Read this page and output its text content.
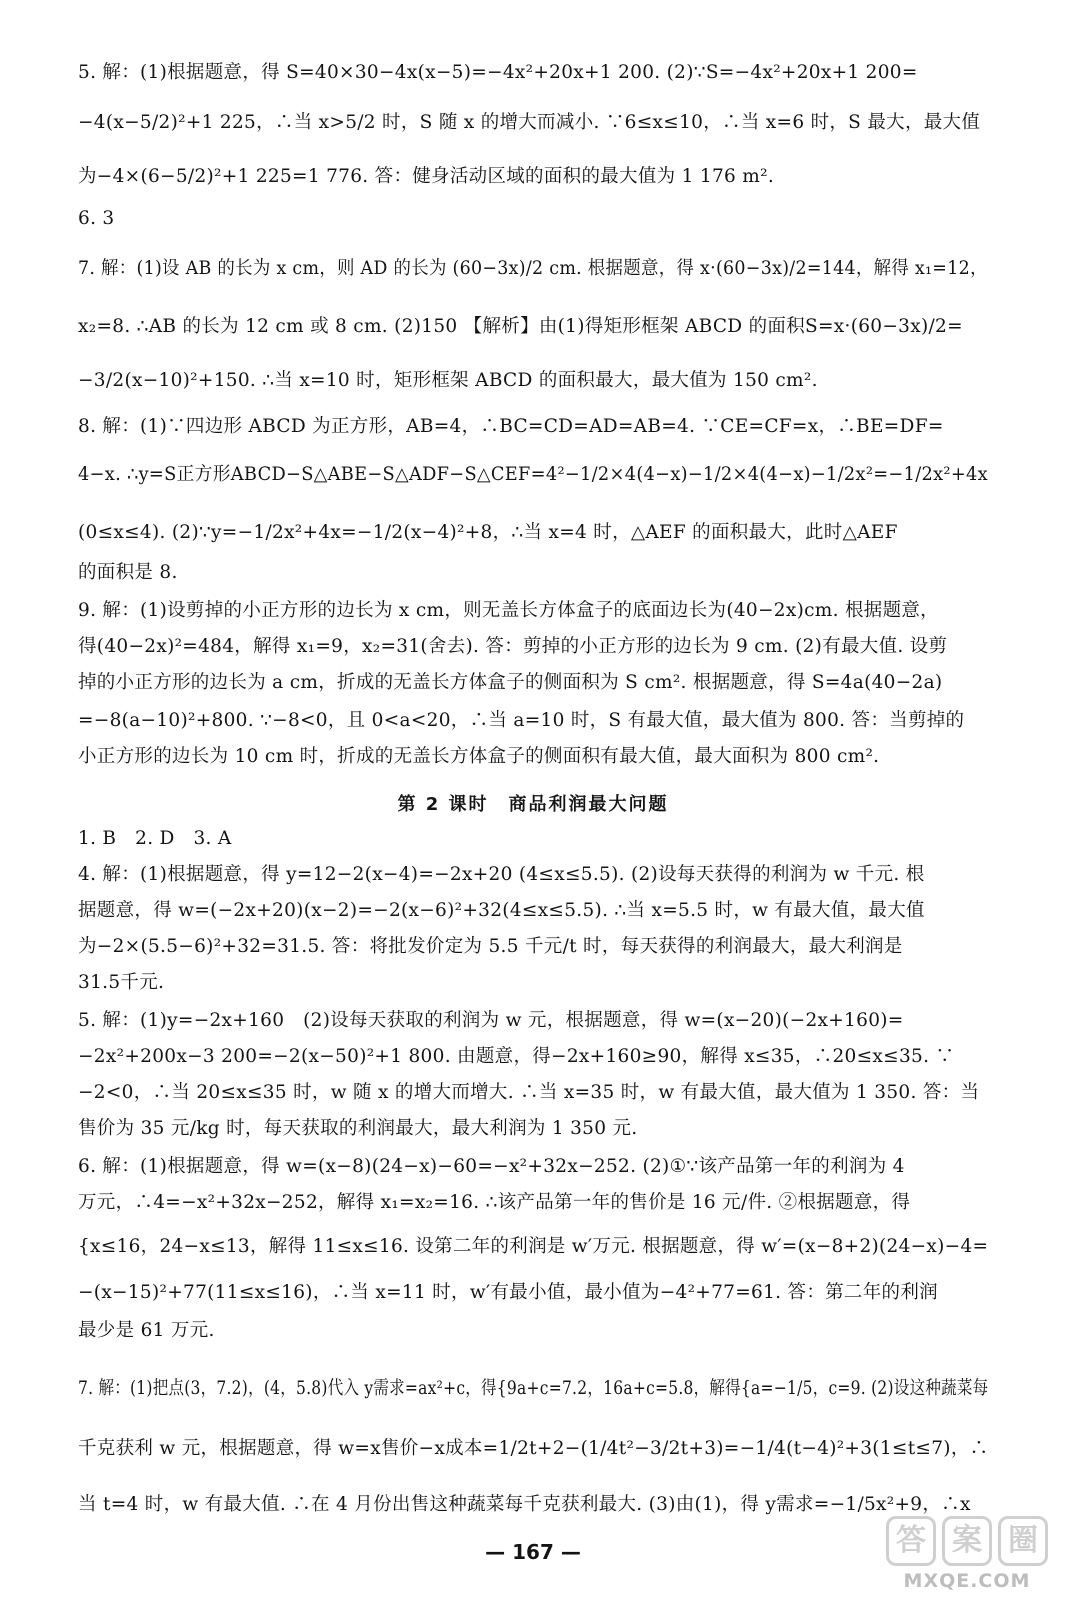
5. 解：(1)根据题意，得 S=40×30−4x(x−5)=−4x²+20x+1 200. (2)∵S=−4x²+20x+1 200=
−4(x−5/2)²+1 225，∴当 x>5/2 时，S 随 x 的增大而减小. ∵6≤x≤10，∴当 x=6 时，S 最大，最大值
为−4×(6−5/2)²+1 225=1 776. 答：健身活动区域的面积的最大值为 1 176 m².
6. 3
7. 解：(1)设 AB 的长为 x cm，则 AD 的长为 (60−3x)/2 cm. 根据题意，得 x·(60−3x)/2=144，解得 x₁=12，
x₂=8. ∴AB 的长为 12 cm 或 8 cm. (2)150 【解析】由(1)得矩形框架 ABCD 的面积S=x·(60−3x)/2=
−3/2(x−10)²+150. ∴当 x=10 时，矩形框架 ABCD 的面积最大，最大值为 150 cm².
8. 解：(1)∵四边形 ABCD 为正方形，AB=4，∴BC=CD=AD=AB=4. ∵CE=CF=x，∴BE=DF=
4−x. ∴y=S正方形ABCD−S△ABE−S△ADF−S△CEF=4²−1/2×4(4−x)−1/2×4(4−x)−1/2x²=−1/2x²+4x
(0≤x≤4). (2)∵y=−1/2x²+4x=−1/2(x−4)²+8，∴当 x=4 时，△AEF 的面积最大，此时△AEF
的面积是 8.
9. 解：(1)设剪掉的小正方形的边长为 x cm，则无盖长方体盒子的底面边长为(40−2x)cm. 根据题意，
得(40−2x)²=484，解得 x₁=9，x₂=31(舍去). 答：剪掉的小正方形的边长为 9 cm. (2)有最大值. 设剪
掉的小正方形的边长为 a cm，折成的无盖长方体盒子的侧面积为 S cm². 根据题意，得 S=4a(40−2a)
=−8(a−10)²+800. ∵−8<0，且 0<a<20，∴当 a=10 时，S 有最大值，最大值为 800. 答：当剪掉的
小正方形的边长为 10 cm 时，折成的无盖长方体盒子的侧面积有最大值，最大面积为 800 cm².
第 2 课时　商品利润最大问题
1. B　2. D　3. A
4. 解：(1)根据题意，得 y=12−2(x−4)=−2x+20 (4≤x≤5.5). (2)设每天获得的利润为 w 千元. 根
据题意，得 w=(−2x+20)(x−2)=−2(x−6)²+32(4≤x≤5.5). ∴当 x=5.5 时，w 有最大值，最大值
为−2×(5.5−6)²+32=31.5. 答：将批发价定为 5.5 千元/t 时，每天获得的利润最大，最大利润是
31.5千元.
5. 解：(1)y=−2x+160　(2)设每天获取的利润为 w 元，根据题意，得 w=(x−20)(−2x+160)=
−2x²+200x−3 200=−2(x−50)²+1 800. 由题意，得−2x+160≥90，解得 x≤35，∴20≤x≤35. ∵
−2<0，∴当 20≤x≤35 时，w 随 x 的增大而增大. ∴当 x=35 时，w 有最大值，最大值为 1 350. 答：当
售价为 35 元/kg 时，每天获取的利润最大，最大利润为 1 350 元.
6. 解：(1)根据题意，得 w=(x−8)(24−x)−60=−x²+32x−252. (2)①∵该产品第一年的利润为 4
万元，∴4=−x²+32x−252，解得 x₁=x₂=16. ∴该产品第一年的售价是 16 元/件. ②根据题意，得
{x≤16，24−x≤13，解得 11≤x≤16. 设第二年的利润是 w′万元. 根据题意，得 w′=(x−8+2)(24−x)−4=
−(x−15)²+77(11≤x≤16)，∴当 x=11 时，w′有最小值，最小值为−4²+77=61. 答：第二年的利润
最少是 61 万元.
7. 解：(1)把点(3，7.2)，(4，5.8)代入 y需求=ax²+c，得{9a+c=7.2，16a+c=5.8，解得{a=−1/5，c=9. (2)设这种蔬菜每
千克获利 w 元，根据题意，得 w=x售价−x成本=1/2t+2−(1/4t²−3/2t+3)=−1/4(t−4)²+3(1≤t≤7)，∴
当 t=4 时，w 有最大值. ∴在 4 月份出售这种蔬菜每千克获利最大. (3)由(1)，得 y需求=−1/5x²+9，∴x
— 167 —	答 案 圈
MXQE.COM
